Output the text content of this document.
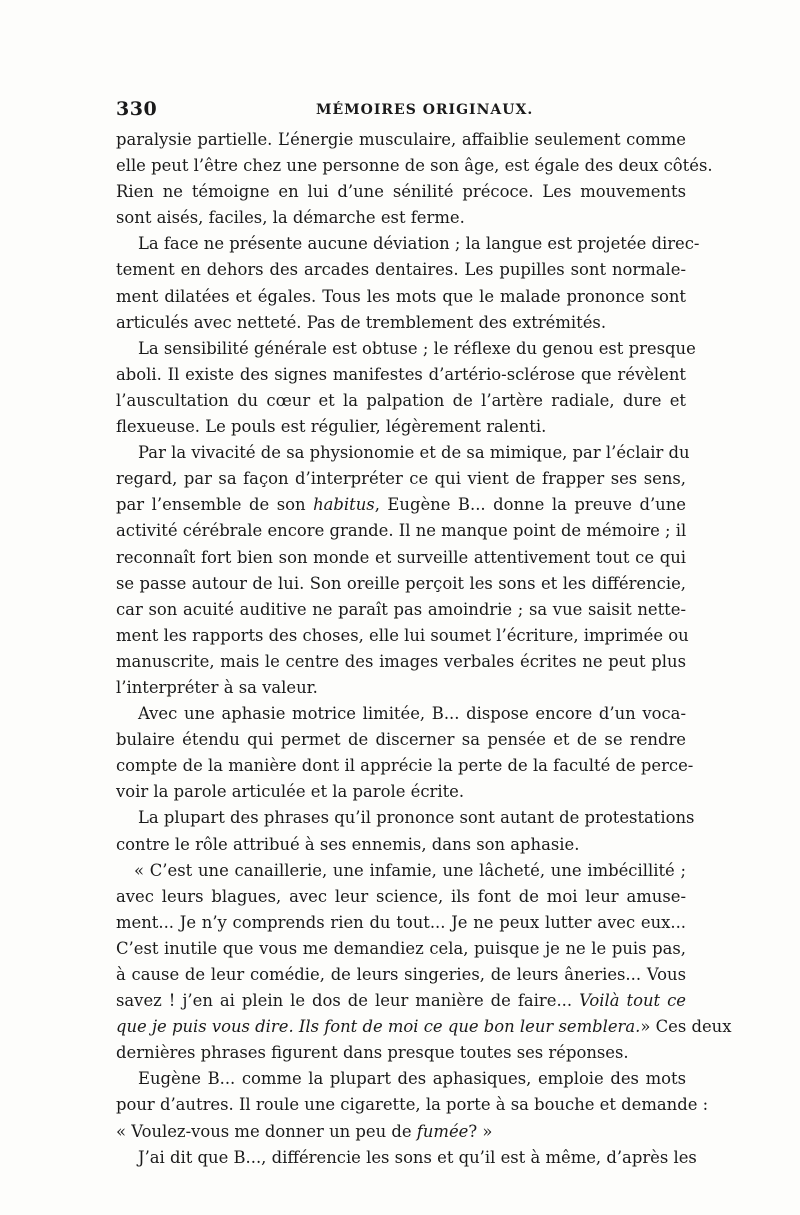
330	MÉMOIRES ORIGINAUX.
paralysie partielle. L’énergie musculaire, affaiblie seulement comme
elle peut l’être chez une personne de son âge, est égale des deux côtés.
Rien ne témoigne en lui d’une sénilité précoce. Les mouvements
sont aisés, faciles, la démarche est ferme.
La face ne présente aucune déviation ; la langue est projetée direc-
tement en dehors des arcades dentaires. Les pupilles sont normale-
ment dilatées et égales. Tous les mots que le malade prononce sont
articulés avec netteté. Pas de tremblement des extrémités.
La sensibilité générale est obtuse ; le réflexe du genou est presque
aboli. Il existe des signes manifestes d’artério-sclérose que révèlent
l’auscultation du cœur et la palpation de l’artère radiale, dure et
flexueuse. Le pouls est régulier, légèrement ralenti.
Par la vivacité de sa physionomie et de sa mimique, par l’éclair du
regard, par sa façon d’interpréter ce qui vient de frapper ses sens,
par l’ensemble de son habitus, Eugène B... donne la preuve d’une
activité cérébrale encore grande. Il ne manque point de mémoire ; il
reconnaît fort bien son monde et surveille attentivement tout ce qui
se passe autour de lui. Son oreille perçoit les sons et les différencie,
car son acuité auditive ne paraît pas amoindrie ; sa vue saisit nette-
ment les rapports des choses, elle lui soumet l’écriture, imprimée ou
manuscrite, mais le centre des images verbales écrites ne peut plus
l’interpréter à sa valeur.
Avec une aphasie motrice limitée, B... dispose encore d’un voca-
bulaire étendu qui permet de discerner sa pensée et de se rendre
compte de la manière dont il apprécie la perte de la faculté de perce-
voir la parole articulée et la parole écrite.
La plupart des phrases qu’il prononce sont autant de protestations
contre le rôle attribué à ses ennemis, dans son aphasie.
« C’est une canaillerie, une infamie, une lâcheté, une imbécillité ;
avec leurs blagues, avec leur science, ils font de moi leur amuse-
ment... Je n’y comprends rien du tout... Je ne peux lutter avec eux...
C’est inutile que vous me demandiez cela, puisque je ne le puis pas,
à cause de leur comédie, de leurs singeries, de leurs âneries... Vous
savez ! j’en ai plein le dos de leur manière de faire... Voilà tout ce
que je puis vous dire. Ils font de moi ce que bon leur semblera.» Ces deux
dernières phrases figurent dans presque toutes ses réponses.
Eugène B... comme la plupart des aphasiques, emploie des mots
pour d’autres. Il roule une cigarette, la porte à sa bouche et demande :
« Voulez-vous me donner un peu de fumée? »
J’ai dit que B..., différencie les sons et qu’il est à même, d’après les
